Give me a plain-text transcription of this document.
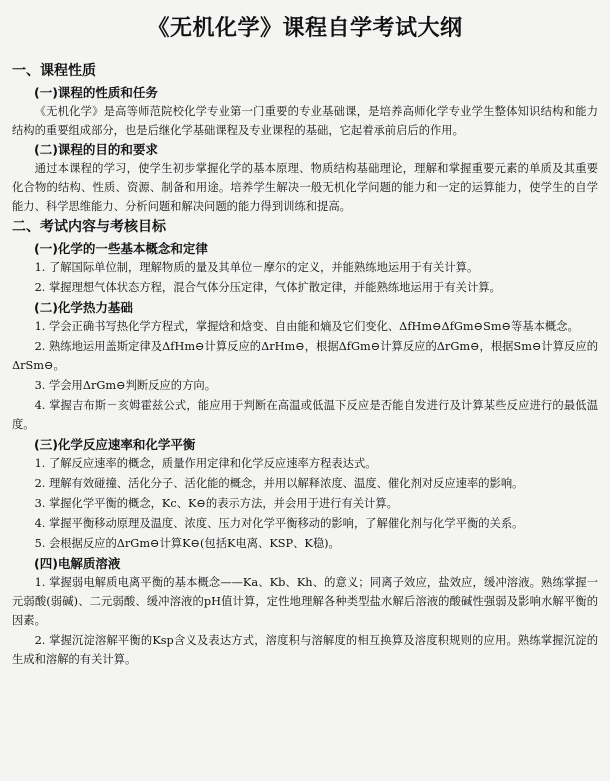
《无机化学》课程自学考试大纲
一、课程性质
(一)课程的性质和任务

《无机化学》是高等师范院校化学专业第一门重要的专业基础课，是培养高师化学专业学生整体知识结构和能力结构的重要组成部分，也是后继化学基础课程及专业课程的基础，它起着承前启后的作用。

(二)课程的目的和要求

通过本课程的学习，使学生初步掌握化学的基本原理、物质结构基础理论，理解和掌握重要元素的单质及其重要化合物的结构、性质、资源、制备和用途。培养学生解决一般无机化学问题的能力和一定的运算能力，使学生的自学能力、科学思维能力、分析问题和解决问题的能力得到训练和提高。

二、考试内容与考核目标
(一)化学的一些基本概念和定律

1. 了解国际单位制，理解物质的量及其单位－摩尔的定义，并能熟练地运用于有关计算。

2. 掌握理想气体状态方程，混合气体分压定律，气体扩散定律，并能熟练地运用于有关计算。

(二)化学热力基础

1. 学会正确书写热化学方程式，掌握焓和焓变、自由能和熵及它们变化、ΔfHm⊖ΔfGm⊖Sm⊖等基本概念。

2. 熟练地运用盖斯定律及ΔfHm⊖计算反应的ΔrHm⊖，根据ΔfGm⊖计算反应的ΔrGm⊖，根据Sm⊖计算反应的ΔrSm⊖。

3. 学会用ΔrGm⊖判断反应的方向。

4. 掌握吉布斯－亥姆霍兹公式，能应用于判断在高温或低温下反应是否能自发进行及计算某些反应进行的最低温度。

(三)化学反应速率和化学平衡

1. 了解反应速率的概念，质量作用定律和化学反应速率方程表达式。

2. 理解有效碰撞、活化分子、活化能的概念，并用以解释浓度、温度、催化剂对反应速率的影响。

3. 掌握化学平衡的概念，Kc、K⊖的表示方法，并会用于进行有关计算。

4. 掌握平衡移动原理及温度、浓度、压力对化学平衡移动的影响，了解催化剂与化学平衡的关系。

5. 会根据反应的ΔrGm⊖计算K⊖(包括K电离、KSP、K稳)。

(四)电解质溶液

1. 掌握弱电解质电离平衡的基本概念——Ka、Kb、Kh、的意义；同离子效应，盐效应，缓冲溶液。熟练掌握一元弱酸(弱碱)、二元弱酸、缓冲溶液的pH值计算，定性地理解各种类型盐水解后溶液的酸碱性强弱及影响水解平衡的因素。

2. 掌握沉淀溶解平衡的Ksp含义及表达方式，溶度积与溶解度的相互换算及溶度积规则的应用。熟练掌握沉淀的生成和溶解的有关计算。
